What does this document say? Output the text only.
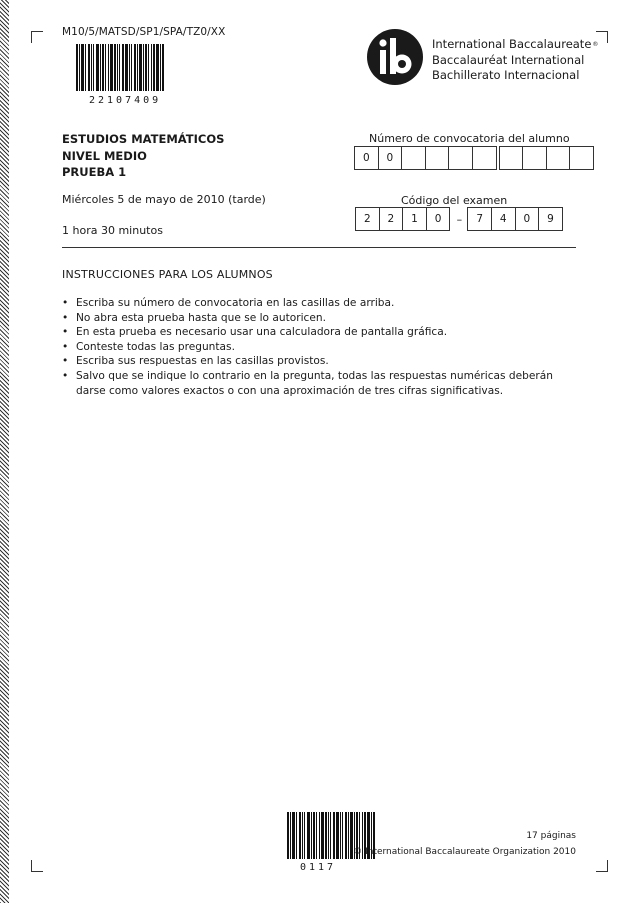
M10/5/MATSD/SP1/SPA/TZ0/XX
22107409
International Baccalaureate®
Baccalauréat International
Bachillerato Internacional
ESTUDIOS MATEMÁTICOS
NIVEL MEDIO
PRUEBA 1
Miércoles 5 de mayo de 2010 (tarde)
1 hora 30 minutos
Número de convocatoria del alumno
0	0
Código del examen
2	2	1	0	–	7	4	0	9
INSTRUCCIONES PARA LOS ALUMNOS
• Escriba su número de convocatoria en las casillas de arriba.
• No abra esta prueba hasta que se lo autoricen.
• En esta prueba es necesario usar una calculadora de pantalla gráfica.
• Conteste todas las preguntas.
• Escriba sus respuestas en las casillas provistos.
• Salvo que se indique lo contrario en la pregunta, todas las respuestas numéricas deberán darse como valores exactos o con una aproximación de tres cifras significativas.
0117
17 páginas
© International Baccalaureate Organization 2010
